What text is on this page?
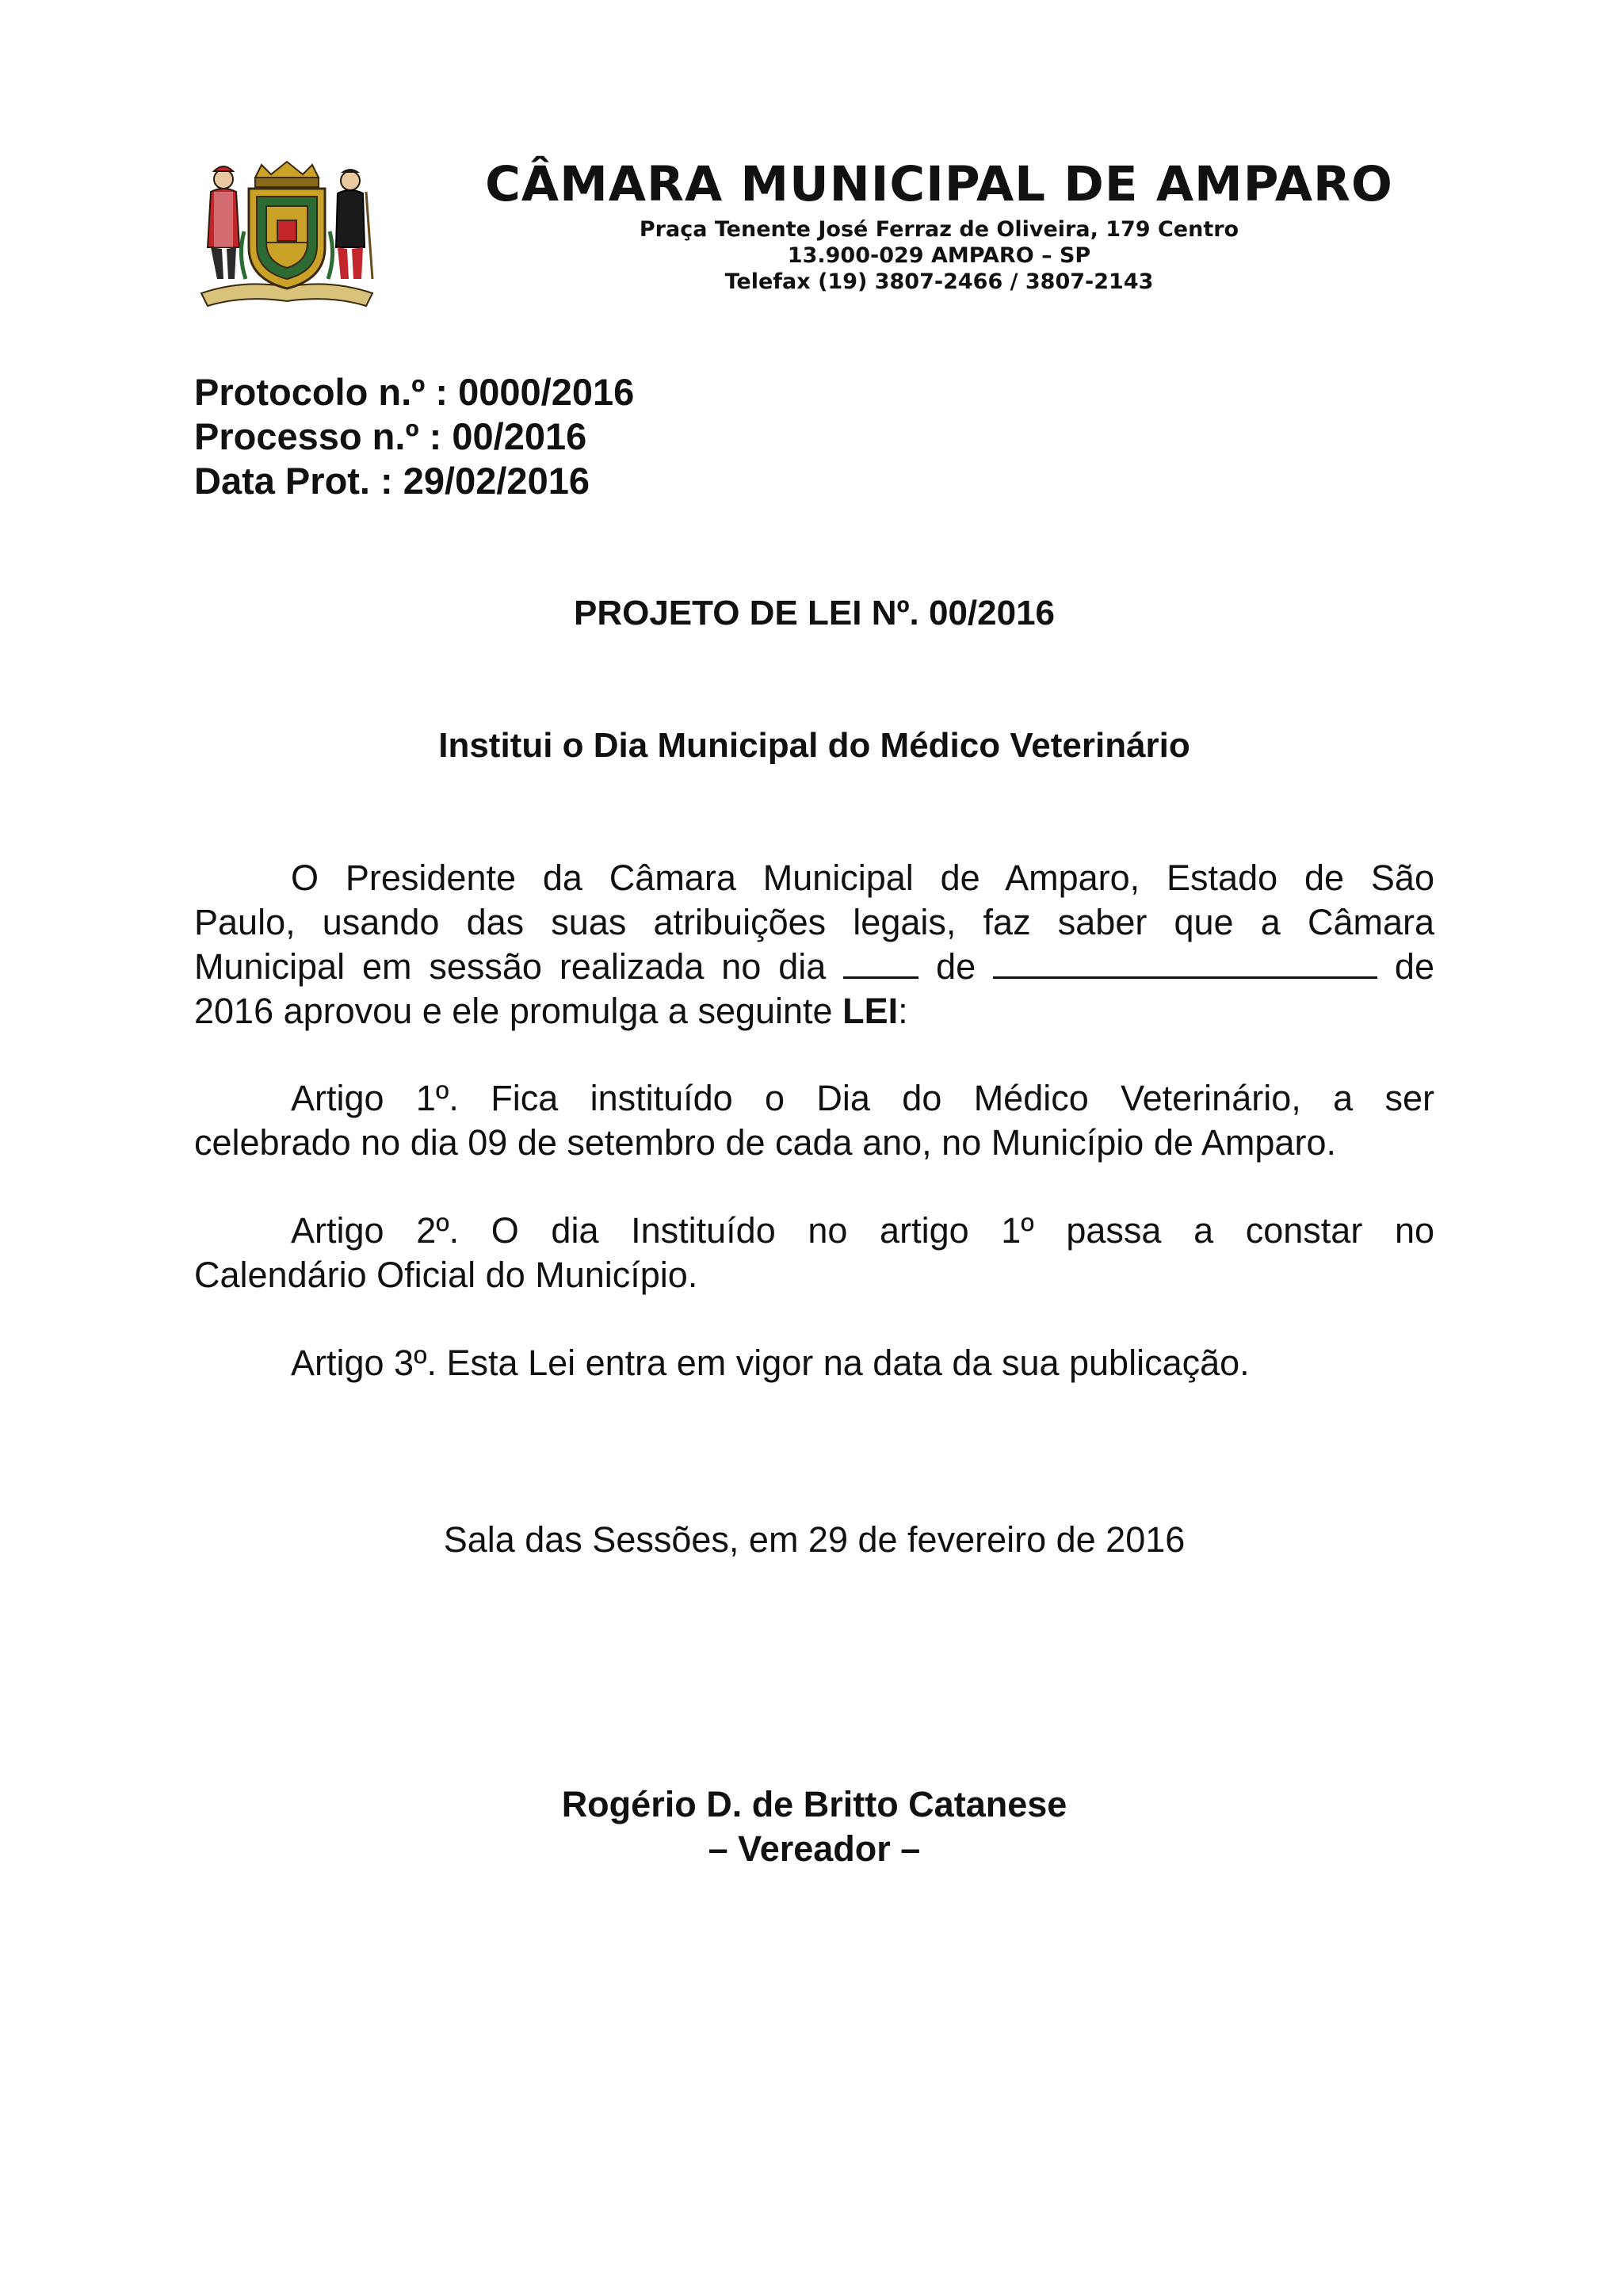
CÂMARA MUNICIPAL DE AMPARO
Praça Tenente José Ferraz de Oliveira, 179 Centro
13.900-029 AMPARO – SP
Telefax (19) 3807-2466 / 3807-2143
Protocolo n.º : 0000/2016
Processo n.º : 00/2016
Data Prot. : 29/02/2016
PROJETO DE LEI Nº. 00/2016
Institui o Dia Municipal do Médico Veterinário
O Presidente da Câmara Municipal de Amparo, Estado de São
Paulo, usando das suas atribuições legais, faz saber que a Câmara
Municipal em sessão realizada no dia	de	de
2016 aprovou e ele promulga a seguinte LEI:
Artigo 1º. Fica instituído o Dia do Médico Veterinário, a ser
celebrado no dia 09 de setembro de cada ano, no Município de Amparo.
Artigo 2º. O dia Instituído no artigo 1º passa a constar no
Calendário Oficial do Município.
Artigo 3º. Esta Lei entra em vigor na data da sua publicação.
Sala das Sessões, em 29 de fevereiro de 2016
Rogério D. de Britto Catanese
– Vereador –
